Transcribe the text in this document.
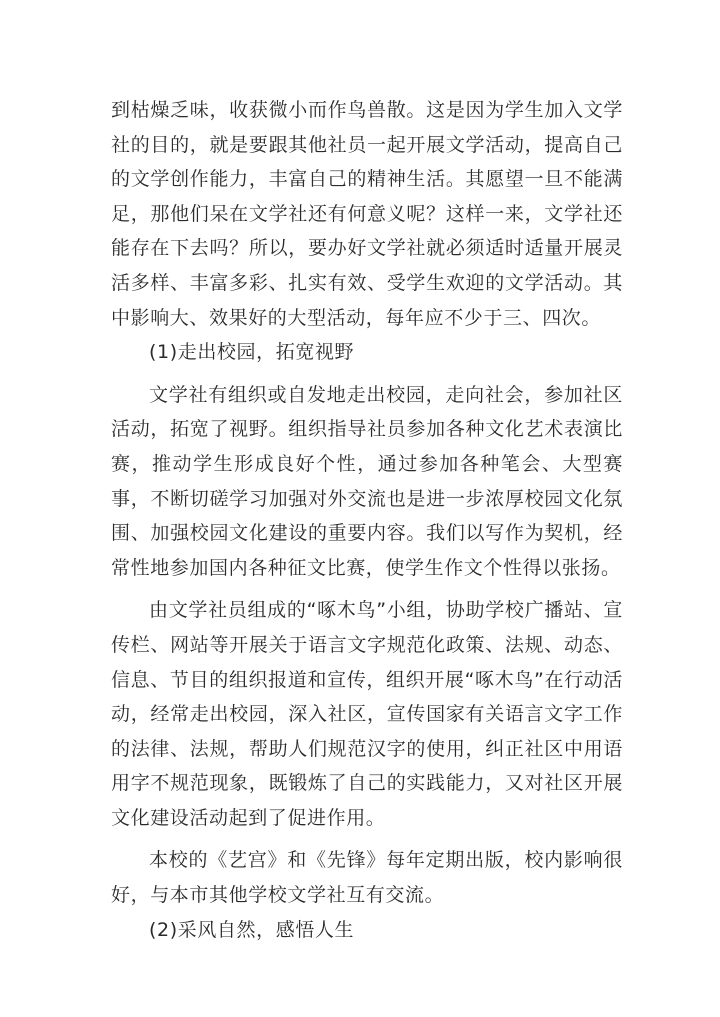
到枯燥乏味，收获微小而作鸟兽散。这是因为学生加入文学社的目的，就是要跟其他社员一起开展文学活动，提高自己的文学创作能力，丰富自己的精神生活。其愿望一旦不能满足，那他们呆在文学社还有何意义呢？这样一来，文学社还能存在下去吗？所以，要办好文学社就必须适时适量开展灵活多样、丰富多彩、扎实有效、受学生欢迎的文学活动。其中影响大、效果好的大型活动，每年应不少于三、四次。

(1)走出校园，拓宽视野

文学社有组织或自发地走出校园，走向社会，参加社区活动，拓宽了视野。组织指导社员参加各种文化艺术表演比赛，推动学生形成良好个性，通过参加各种笔会、大型赛事，不断切磋学习加强对外交流也是进一步浓厚校园文化氛围、加强校园文化建设的重要内容。我们以写作为契机，经常性地参加国内各种征文比赛，使学生作文个性得以张扬。

由文学社员组成的“啄木鸟”小组，协助学校广播站、宣传栏、网站等开展关于语言文字规范化政策、法规、动态、信息、节目的组织报道和宣传，组织开展“啄木鸟”在行动活动，经常走出校园，深入社区，宣传国家有关语言文字工作的法律、法规，帮助人们规范汉字的使用，纠正社区中用语用字不规范现象，既锻炼了自己的实践能力，又对社区开展文化建设活动起到了促进作用。

本校的《艺宫》和《先锋》每年定期出版，校内影响很好，与本市其他学校文学社互有交流。

(2)采风自然，感悟人生
